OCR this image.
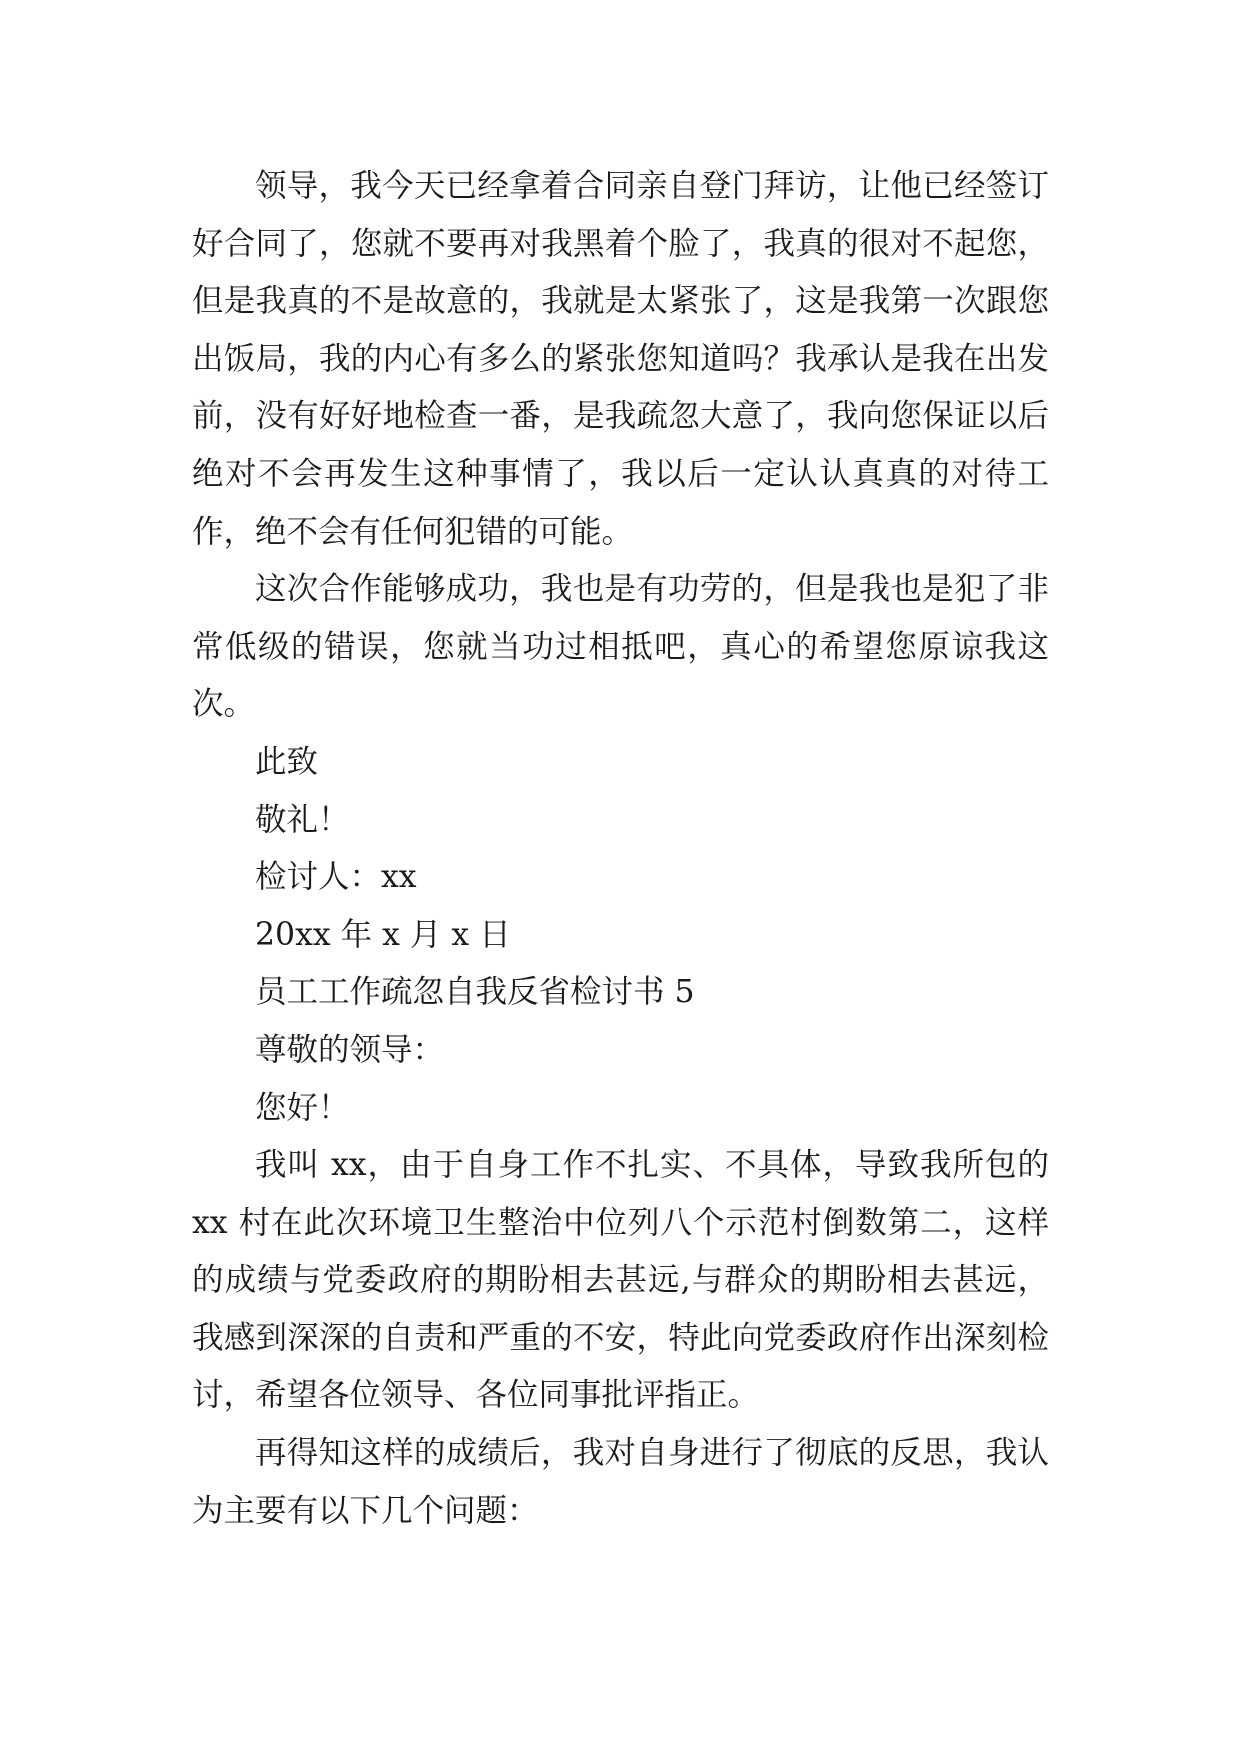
领导，我今天已经拿着合同亲自登门拜访，让他已经签订好合同了，您就不要再对我黑着个脸了，我真的很对不起您，但是我真的不是故意的，我就是太紧张了，这是我第一次跟您出饭局，我的内心有多么的紧张您知道吗？我承认是我在出发前，没有好好地检查一番，是我疏忽大意了，我向您保证以后绝对不会再发生这种事情了，我以后一定认认真真的对待工作，绝不会有任何犯错的可能。

这次合作能够成功，我也是有功劳的，但是我也是犯了非常低级的错误，您就当功过相抵吧，真心的希望您原谅我这次。

此致

敬礼！

检讨人：xx

20xx 年 x 月 x 日

员工工作疏忽自我反省检讨书 5

尊敬的领导：

您好！

我叫 xx，由于自身工作不扎实、不具体，导致我所包的 xx 村在此次环境卫生整治中位列八个示范村倒数第二，这样的成绩与党委政府的期盼相去甚远,与群众的期盼相去甚远，我感到深深的自责和严重的不安，特此向党委政府作出深刻检讨，希望各位领导、各位同事批评指正。

再得知这样的成绩后，我对自身进行了彻底的反思，我认为主要有以下几个问题：
